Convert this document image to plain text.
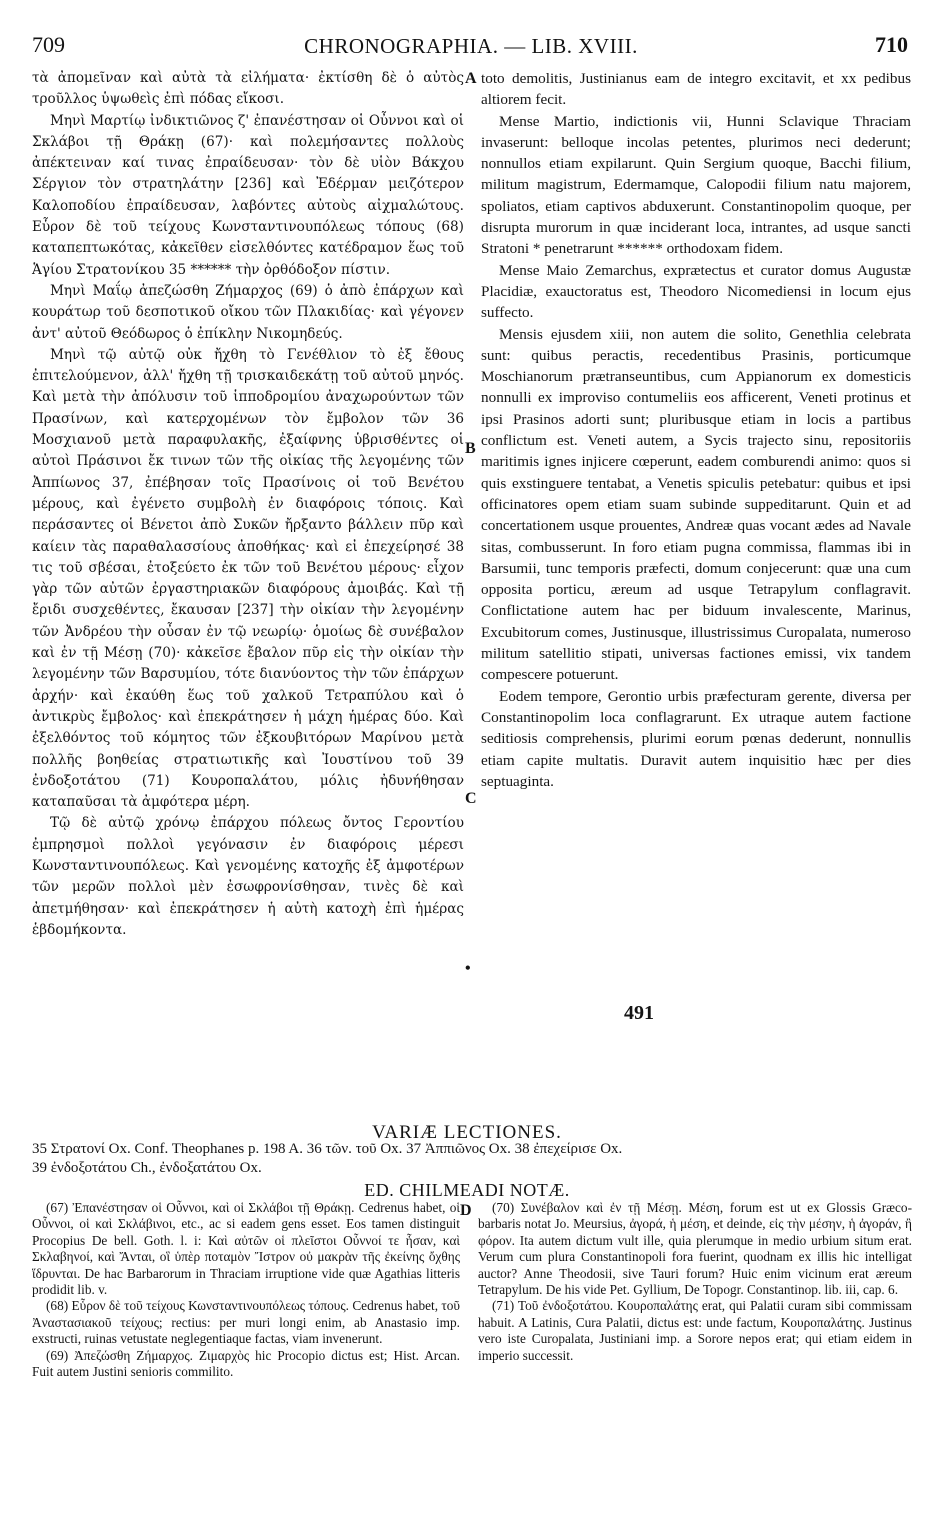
709	CHRONOGRAPHIA. — LIB. XVIII.	710

τὰ ἀπομεῖναν καὶ αὐτὰ τὰ εἰλήματα· ἐκτίσθη δὲ ὁ αὐτὸς τροῦλλος ὑψωθεὶς ἐπὶ πόδας εἴκοσι.

Μηνὶ Μαρτίῳ ἰνδικτιῶνος ζ' ἐπανέστησαν οἱ Οὖννοι καὶ οἱ Σκλάβοι τῇ Θράκῃ (67)· καὶ πολεμήσαντες πολλοὺς ἀπέκτειναν καί τινας ἐπραίδευσαν· τὸν δὲ υἱὸν Βάκχου Σέργιον τὸν στρατηλάτην [236] καὶ Ἐδέρμαν μειζότερον Καλοποδίου ἐπραίδευσαν, λαβόντες αὐτοὺς αἰχμαλώτους. Εὗρον δὲ τοῦ τείχους Κωνσταντινουπόλεως τόπους (68) καταπεπτωκότας, κἀκεῖθεν εἰσελθόντες κατέδραμον ἕως τοῦ Ἁγίου Στρατονίκου 35 ****** τὴν ὀρθόδοξον πίστιν.

Μηνὶ Μαΐῳ ἀπεζώσθη Ζήμαρχος (69) ὁ ἀπὸ ἐπάρχων καὶ κουράτωρ τοῦ δεσποτικοῦ οἴκου τῶν Πλακιδίας· καὶ γέγονεν ἀντ' αὐτοῦ Θεόδωρος ὁ ἐπίκλην Νικομηδεύς.

Μηνὶ τῷ αὐτῷ οὐκ ἤχθη τὸ Γενέθλιον τὸ ἐξ ἔθους ἐπιτελούμενον, ἀλλ' ἤχθη τῇ τρισκαιδεκάτῃ τοῦ αὐτοῦ μηνός. Καὶ μετὰ τὴν ἀπόλυσιν τοῦ ἱπποδρομίου ἀναχωρούντων τῶν Πρασίνων, καὶ κατερχομένων τὸν ἔμβολον τῶν 36 Μοσχιανοῦ μετὰ παραφυλακῆς, ἐξαίφνης ὑβρισθέντες οἱ αὐτοὶ Πράσινοι ἔκ τινων τῶν τῆς οἰκίας τῆς λεγομένης τῶν Ἀππίωνος 37, ἐπέβησαν τοῖς Πρασίνοις οἱ τοῦ Βενέτου μέρους, καὶ ἐγένετο συμβολὴ ἐν διαφόροις τόποις. Καὶ περάσαντες οἱ Βένετοι ἀπὸ Συκῶν ἤρξαντο βάλλειν πῦρ καὶ καίειν τὰς παραθαλασσίους ἀποθήκας· καὶ εἰ ἐπεχείρησέ 38 τις τοῦ σβέσαι, ἐτοξεύετο ἐκ τῶν τοῦ Βενέτου μέρους· εἶχον γὰρ τῶν αὐτῶν ἐργαστηριακῶν διαφόρους ἀμοιβάς. Καὶ τῇ ἔριδι συσχεθέντες, ἔκαυσαν [237] τὴν οἰκίαν τὴν λεγομένην τῶν Ἀνδρέου τὴν οὖσαν ἐν τῷ νεωρίῳ· ὁμοίως δὲ συνέβαλον καὶ ἐν τῇ Μέσῃ (70)· κἀκεῖσε ἔβαλον πῦρ εἰς τὴν οἰκίαν τὴν λεγομένην τῶν Βαρσυμίου, τότε διανύοντος τὴν τῶν ἐπάρχων ἀρχήν· καὶ ἐκαύθη ἕως τοῦ χαλκοῦ Τετραπύλου καὶ ὁ ἀντικρὺς ἔμβολος· καὶ ἐπεκράτησεν ἡ μάχη ἡμέρας δύο. Καὶ ἐξελθόντος τοῦ κόμητος τῶν ἐξκουβιτόρων Μαρίνου μετὰ πολλῆς βοηθείας στρατιωτικῆς καὶ Ἰουστίνου τοῦ 39 ἐνδοξοτάτου (71) Κουροπαλάτου, μόλις ἠδυνήθησαν καταπαῦσαι τὰ ἀμφότερα μέρη.

Τῷ δὲ αὐτῷ χρόνῳ ἐπάρχου πόλεως ὄντος Γεροντίου ἐμπρησμοὶ πολλοὶ γεγόνασιν ἐν διαφόροις μέρεσι Κωνσταντινουπόλεως. Καὶ γενομένης κατοχῆς ἐξ ἀμφοτέρων τῶν μερῶν πολλοὶ μὲν ἐσωφρονίσθησαν, τινὲς δὲ καὶ ἀπετμήθησαν· καὶ ἐπεκράτησεν ἡ αὐτὴ κατοχὴ ἐπὶ ἡμέρας ἑβδομήκοντα.

toto demolitis, Justinianus eam de integro excitavit, et xx pedibus altiorem fecit.

Mense Martio, indictionis vii, Hunni Sclavique Thraciam invaserunt: belloque incolas petentes, plurimos neci dederunt; nonnullos etiam expilarunt. Quin Sergium quoque, Bacchi filium, militum magistrum, Edermamque, Calopodii filium natu majorem, spoliatos, etiam captivos abduxerunt. Constantinopolim quoque, per disrupta murorum in quæ inciderant loca, intrantes, ad usque sancti Stratoni * penetrarunt ****** orthodoxam fidem.

Mense Maio Zemarchus, exprætectus et curator domus Augustæ Placidiæ, exauctoratus est, Theodoro Nicomediensi in locum ejus suffecto.

Mensis ejusdem xiii, non autem die solito, Genethlia celebrata sunt: quibus peractis, recedentibus Prasinis, porticumque Moschianorum prætranseuntibus, cum Appianorum ex domesticis nonnulli ex improviso contumeliis eos afficerent, Veneti protinus et ipsi Prasinos adorti sunt; pluribusque etiam in locis a partibus conflictum est. Veneti autem, a Sycis trajecto sinu, repositoriis maritimis ignes injicere cœperunt, eadem comburendi animo: quos si quis exstinguere tentabat, a Venetis spiculis petebatur: quibus et ipsi officinatores opem etiam suam subinde suppeditarunt. Quin et ad concertationem usque prouentes, Andreæ quas vocant ædes ad Navale sitas, combusserunt. In foro etiam pugna commissa, flammas ibi in Barsumii, tunc temporis præfecti, domum conjecerunt: quæ una cum opposita porticu, æreum ad usque Tetrapylum conflagravit. Conflictatione autem hac per biduum invalescente, Marinus, Excubitorum comes, Justinusque, illustrissimus Curopalata, numeroso militum satellitio stipati, universas factiones emissi, vix tandem compescere potuerunt.

Eodem tempore, Gerontio urbis præfecturam gerente, diversa per Constantinopolim loca conflagrarunt. Ex utraque autem factione seditiosis comprehensis, plurimi eorum pœnas dederunt, nonnullis etiam capite multatis. Duravit autem inquisitio hæc per dies septuaginta.

A
B
C
•
491
VARIÆ LECTIONES.
35 Στρατονί Ox. Conf. Theophanes p. 198 A. 36 τῶν. τοῦ Ox. 37 Ἀππιῶνος Ox. 38 ἐπεχείρισε Ox.
39 ἐνδοξοτάτου Ch., ἐνδοξατάτου Ox.
ED. CHILMEADI NOTÆ.
D

(67) Ἐπανέστησαν οἱ Οὖννοι, καὶ οἱ Σκλάβοι τῇ Θράκῃ. Cedrenus habet, οἱ Οὖννοι, οἱ καὶ Σκλάβινοι, etc., ac si eadem gens esset. Eos tamen distinguit Procopius De bell. Goth. l. i: Καὶ αὐτῶν οἱ πλεῖστοι Οὖννοί τε ἦσαν, καὶ Σκλαβηνοί, καὶ Ἄνται, οἳ ὑπὲρ ποταμὸν Ἴστρον οὐ μακρὰν τῆς ἐκείνης ὄχθης ἵδρυνται. De hac Barbarorum in Thraciam irruptione vide quæ Agathias litteris prodidit lib. v.

(68) Εὗρον δὲ τοῦ τείχους Κωνσταντινουπόλεως τόπους. Cedrenus habet, τοῦ Ἀναστασιακοῦ τείχους; rectius: per muri longi enim, ab Anastasio imp. exstructi, ruinas vetustate neglegentiaque factas, viam invenerunt.

(69) Ἀπεζώσθη Ζήμαρχος. Ζιμαρχὸς hic Procopio dictus est; Hist. Arcan. Fuit autem Justini senioris commilito.

(70) Συνέβαλον καὶ ἐν τῇ Μέσῃ. Μέση, forum est ut ex Glossis Græco-barbaris notat Jo. Meursius, ἀγορά, ἡ μέση, et deinde, εἰς τὴν μέσην, ἡ ἀγοράν, ἢ φόρον. Ita autem dictum vult ille, quia plerumque in medio urbium situm erat. Verum cum plura Constantinopoli fora fuerint, quodnam ex illis hic intelligat auctor? Anne Theodosii, sive Tauri forum? Huic enim vicinum erat æreum Tetrapylum. De his vide Pet. Gyllium, De Topogr. Constantinop. lib. iii, cap. 6.

(71) Τοῦ ἐνδοξοτάτου. Κουροπαλάτης erat, qui Palatii curam sibi commissam habuit. A Latinis, Cura Palatii, dictus est: unde factum, Κουροπαλάτης. Justinus vero iste Curopalata, Justiniani imp. a Sorore nepos erat; qui etiam eidem in imperio successit.
